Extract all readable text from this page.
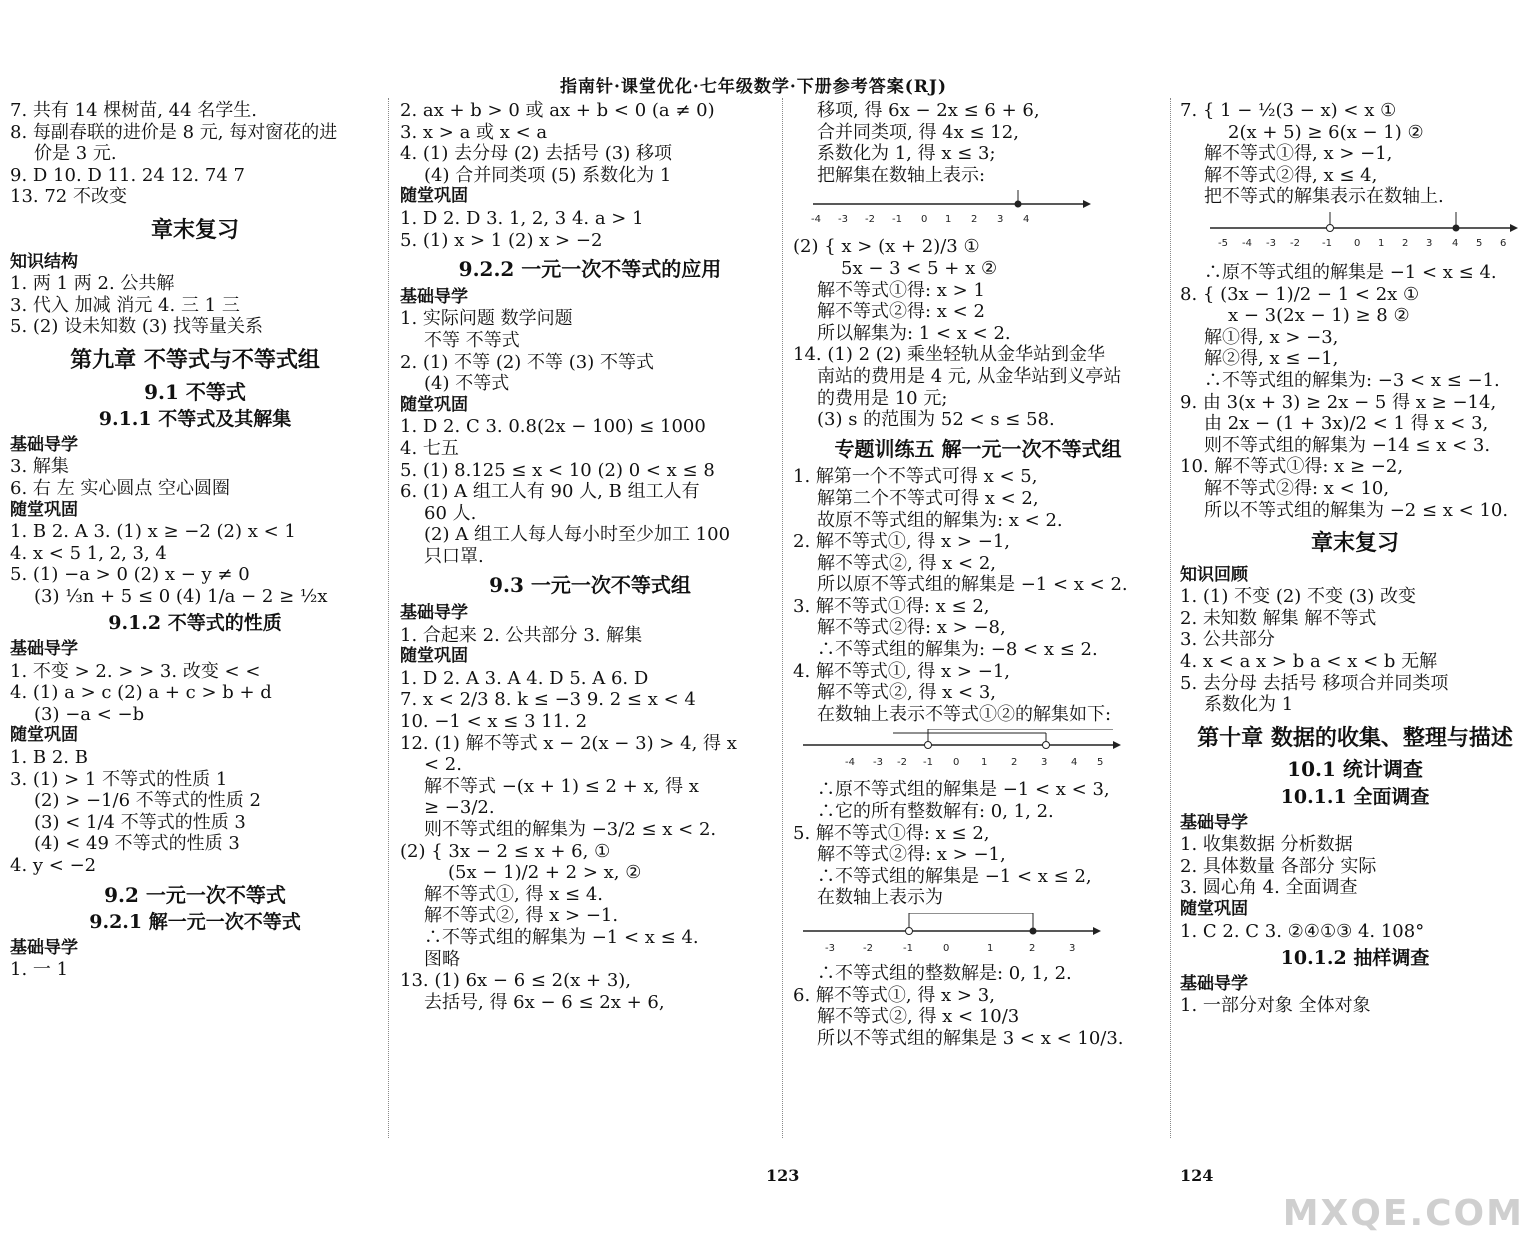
指南针·课堂优化·七年级数学·下册参考答案(RJ)
7. 共有 14 棵树苗, 44 名学生.
8. 每副春联的进价是 8 元, 每对窗花的进
价是 3 元.
9. D 10. D 11. 24 12. 74 7
13. 72 不改变
章末复习
知识结构
1. 两 1 两 2. 公共解
3. 代入 加减 消元 4. 三 1 三
5. (2) 设未知数 (3) 找等量关系
第九章 不等式与不等式组
9.1 不等式
9.1.1 不等式及其解集
基础导学
3. 解集
6. 右 左 实心圆点 空心圆圈
随堂巩固
1. B 2. A 3. (1) x ≥ −2 (2) x < 1
4. x < 5 1, 2, 3, 4
5. (1) −a > 0 (2) x − y ≠ 0
(3) ⅓n + 5 ≤ 0 (4) 1/a − 2 ≥ ½x
9.1.2 不等式的性质
基础导学
1. 不变 > 2. > > 3. 改变 < <
4. (1) a > c (2) a + c > b + d
(3) −a < −b
随堂巩固
1. B 2. B
3. (1) > 1 不等式的性质 1
(2) > −1/6 不等式的性质 2
(3) < 1/4 不等式的性质 3
(4) < 49 不等式的性质 3
4. y < −2
9.2 一元一次不等式
9.2.1 解一元一次不等式
基础导学
1. 一 1
2. ax + b > 0 或 ax + b < 0 (a ≠ 0)
3. x > a 或 x < a
4. (1) 去分母 (2) 去括号 (3) 移项
(4) 合并同类项 (5) 系数化为 1
随堂巩固
1. D 2. D 3. 1, 2, 3 4. a > 1
5. (1) x > 1 (2) x > −2
9.2.2 一元一次不等式的应用
基础导学
1. 实际问题 数学问题
不等 不等式
2. (1) 不等 (2) 不等 (3) 不等式
(4) 不等式
随堂巩固
1. D 2. C 3. 0.8(2x − 100) ≤ 1000
4. 七五
5. (1) 8.125 ≤ x < 10 (2) 0 < x ≤ 8
6. (1) A 组工人有 90 人, B 组工人有
60 人.
(2) A 组工人每人每小时至少加工 100
只口罩.
9.3 一元一次不等式组
基础导学
1. 合起来 2. 公共部分 3. 解集
随堂巩固
1. D 2. A 3. A 4. D 5. A 6. D
7. x < 2/3 8. k ≤ −3 9. 2 ≤ x < 4
10. −1 < x ≤ 3 11. 2
12. (1) 解不等式 x − 2(x − 3) > 4, 得 x
< 2.
解不等式 −(x + 1) ≤ 2 + x, 得 x
≥ −3/2.
则不等式组的解集为 −3/2 ≤ x < 2.
(2) { 3x − 2 ≤ x + 6, ①
(5x − 1)/2 + 2 > x, ②
解不等式①, 得 x ≤ 4.
解不等式②, 得 x > −1.
∴不等式组的解集为 −1 < x ≤ 4.
图略
13. (1) 6x − 6 ≤ 2(x + 3),
去括号, 得 6x − 6 ≤ 2x + 6,
移项, 得 6x − 2x ≤ 6 + 6,
合并同类项, 得 4x ≤ 12,
系数化为 1, 得 x ≤ 3;
把解集在数轴上表示:
-4 -3 -2 -1 0 1 2 3 4
(2) { x > (x + 2)/3 ①
5x − 3 < 5 + x ②
解不等式①得: x > 1
解不等式②得: x < 2
所以解集为: 1 < x < 2.
14. (1) 2 (2) 乘坐轻轨从金华站到金华
南站的费用是 4 元, 从金华站到义亭站
的费用是 10 元;
(3) s 的范围为 52 < s ≤ 58.
专题训练五 解一元一次不等式组
1. 解第一个不等式可得 x < 5,
解第二个不等式可得 x < 2,
故原不等式组的解集为: x < 2.
2. 解不等式①, 得 x > −1,
解不等式②, 得 x < 2,
所以原不等式组的解集是 −1 < x < 2.
3. 解不等式①得: x ≤ 2,
解不等式②得: x > −8,
∴不等式组的解集为: −8 < x ≤ 2.
4. 解不等式①, 得 x > −1,
解不等式②, 得 x < 3,
在数轴上表示不等式①②的解集如下:
-4 -3 -2 -1 0 1 2 3 4 5
∴原不等式组的解集是 −1 < x < 3,
∴它的所有整数解有: 0, 1, 2.
5. 解不等式①得: x ≤ 2,
解不等式②得: x > −1,
∴不等式组的解集是 −1 < x ≤ 2,
在数轴上表示为
-3	-2	-1	0	1	2	3
∴不等式组的整数解是: 0, 1, 2.
6. 解不等式①, 得 x > 3,
解不等式②, 得 x < 10/3
所以不等式组的解集是 3 < x < 10/3.
7. { 1 − ½(3 − x) < x ①
2(x + 5) ≥ 6(x − 1) ②
解不等式①得, x > −1,
解不等式②得, x ≤ 4,
把不等式的解集表示在数轴上.
-5 -4 -3 -2 -1 0 1 2 3 4 5 6
∴原不等式组的解集是 −1 < x ≤ 4.
8. { (3x − 1)/2 − 1 < 2x ①
x − 3(2x − 1) ≥ 8 ②
解①得, x > −3,
解②得, x ≤ −1,
∴不等式组的解集为: −3 < x ≤ −1.
9. 由 3(x + 3) ≥ 2x − 5 得 x ≥ −14,
由 2x − (1 + 3x)/2 < 1 得 x < 3,
则不等式组的解集为 −14 ≤ x < 3.
10. 解不等式①得: x ≥ −2,
解不等式②得: x < 10,
所以不等式组的解集为 −2 ≤ x < 10.
章末复习
知识回顾
1. (1) 不变 (2) 不变 (3) 改变
2. 未知数 解集 解不等式
3. 公共部分
4. x < a x > b a < x < b 无解
5. 去分母 去括号 移项合并同类项
系数化为 1
第十章 数据的收集、整理与描述
10.1 统计调查
10.1.1 全面调查
基础导学
1. 收集数据 分析数据
2. 具体数量 各部分 实际
3. 圆心角 4. 全面调查
随堂巩固
1. C 2. C 3. ②④①③ 4. 108°
10.1.2 抽样调查
基础导学
1. 一部分对象 全体对象
123	124
MXQE.COM
